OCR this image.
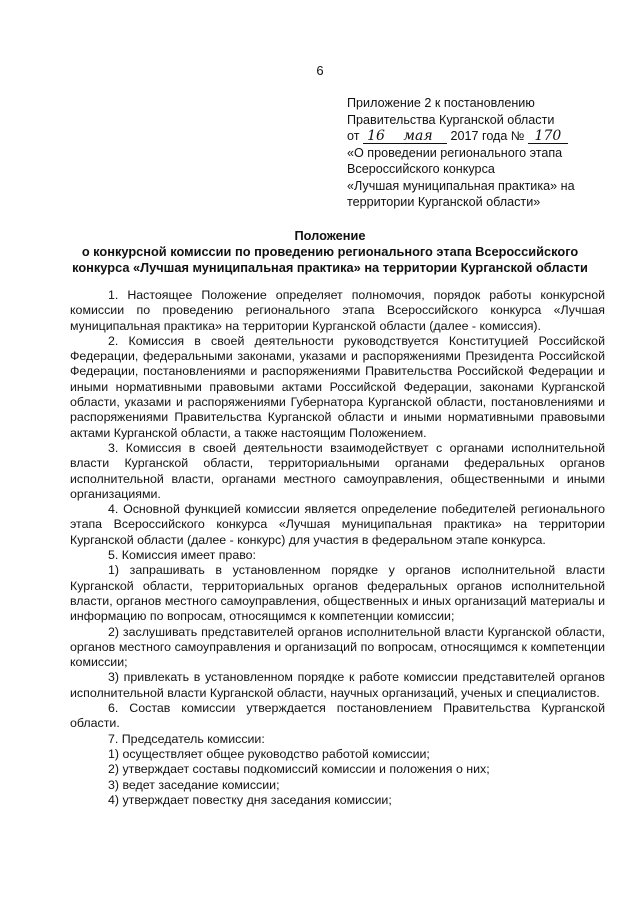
6
Приложение 2 к постановлению
Правительства Курганской области
от 16 мая 2017 года № 170
«О проведении регионального этапа
Всероссийского конкурса
«Лучшая муниципальная практика» на
территории Курганской области»
Положение
о конкурсной комиссии по проведению регионального этапа Всероссийского
конкурса «Лучшая муниципальная практика» на территории Курганской области

1. Настоящее Положение определяет полномочия, порядок работы конкурсной комиссии по проведению регионального этапа Всероссийского конкурса «Лучшая муниципальная практика» на территории Курганской области (далее - комиссия).

2. Комиссия в своей деятельности руководствуется Конституцией Российской Федерации, федеральными законами, указами и распоряжениями Президента Российской Федерации, постановлениями и распоряжениями Правительства Российской Федерации и иными нормативными правовыми актами Российской Федерации, законами Курганской области, указами и распоряжениями Губернатора Курганской области, постановлениями и распоряжениями Правительства Курганской области и иными нормативными правовыми актами Курганской области, а также настоящим Положением.

3. Комиссия в своей деятельности взаимодействует с органами исполнительной власти Курганской области, территориальными органами федеральных органов исполнительной власти, органами местного самоуправления, общественными и иными организациями.

4. Основной функцией комиссии является определение победителей регионального этапа Всероссийского конкурса «Лучшая муниципальная практика» на территории Курганской области (далее - конкурс) для участия в федеральном этапе конкурса.

5. Комиссия имеет право:

1) запрашивать в установленном порядке у органов исполнительной власти Курганской области, территориальных органов федеральных органов исполнительной власти, органов местного самоуправления, общественных и иных организаций материалы и информацию по вопросам, относящимся к компетенции комиссии;

2) заслушивать представителей органов исполнительной власти Курганской области, органов местного самоуправления и организаций по вопросам, относящимся к компетенции комиссии;

3) привлекать в установленном порядке к работе комиссии представителей органов исполнительной власти Курганской области, научных организаций, ученых и специалистов.

6. Состав комиссии утверждается постановлением Правительства Курганской области.

7. Председатель комиссии:

1) осуществляет общее руководство работой комиссии;

2) утверждает составы подкомиссий комиссии и положения о них;

3) ведет заседание комиссии;

4) утверждает повестку дня заседания комиссии;
